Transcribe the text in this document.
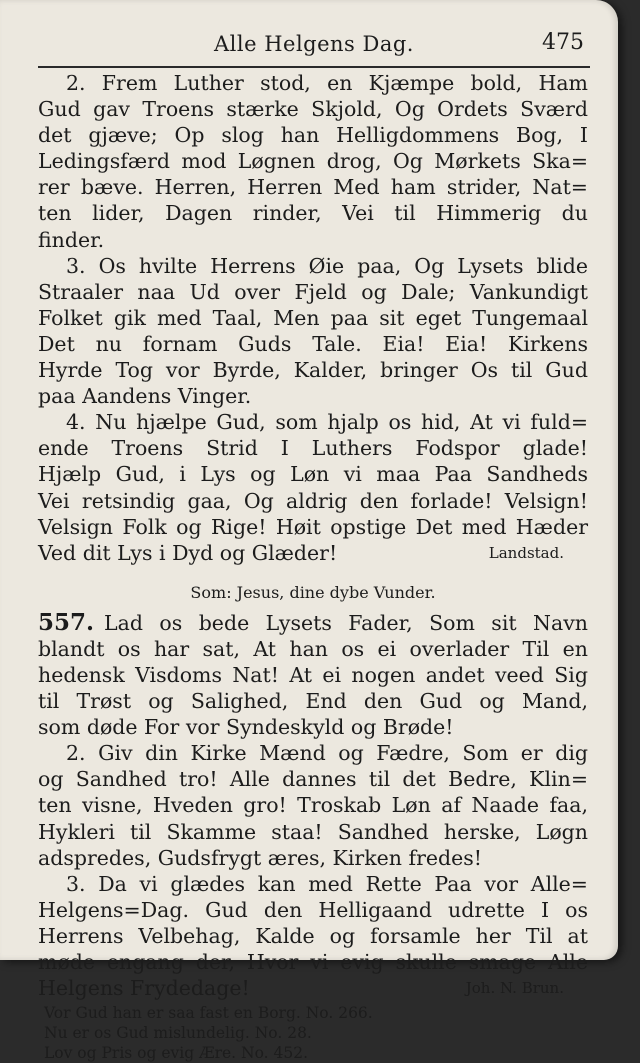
Alle Helgens Dag.	475
2. Frem Luther stod, en Kjæmpe bold, Ham
Gud gav Troens stærke Skjold, Og Ordets Sværd
det gjæve; Op slog han Helligdommens Bog, I
Ledingsfærd mod Løgnen drog, Og Mørkets Ska=
rer bæve. Herren, Herren Med ham strider, Nat=
ten lider, Dagen rinder, Vei til Himmerig du
finder.
3. Os hvilte Herrens Øie paa, Og Lysets blide
Straaler naa Ud over Fjeld og Dale; Vankundigt
Folket gik med Taal, Men paa sit eget Tungemaal
Det nu fornam Guds Tale. Eia! Eia! Kirkens
Hyrde Tog vor Byrde, Kalder, bringer Os til Gud
paa Aandens Vinger.
4. Nu hjælpe Gud, som hjalp os hid, At vi fuld=
ende Troens Strid I Luthers Fodspor glade!
Hjælp Gud, i Lys og Løn vi maa Paa Sandheds
Vei retsindig gaa, Og aldrig den forlade! Velsign!
Velsign Folk og Rige! Høit opstige Det med Hæder
Ved dit Lys i Dyd og Glæder!	Landstad.
Som: Jesus, dine dybe Vunder.
557. Lad os bede Lysets Fader, Som sit Navn
blandt os har sat, At han os ei overlader Til en
hedensk Visdoms Nat! At ei nogen andet veed Sig
til Trøst og Salighed, End den Gud og Mand,
som døde For vor Syndeskyld og Brøde!
2. Giv din Kirke Mænd og Fædre, Som er dig
og Sandhed tro! Alle dannes til det Bedre, Klin=
ten visne, Hveden gro! Troskab Løn af Naade faa,
Hykleri til Skamme staa! Sandhed herske, Løgn
adspredes, Gudsfrygt æres, Kirken fredes!
3. Da vi glædes kan med Rette Paa vor Alle=
Helgens=Dag. Gud den Helligaand udrette I os
Herrens Velbehag, Kalde og forsamle her Til at
møde engang der, Hvor vi evig skulle smage Alle
Helgens Frydedage!	Joh. N. Brun.
Vor Gud han er saa fast en Borg. No. 266.
Nu er os Gud mislundelig. No. 28.
Lov og Pris og evig Ære. No. 452.
